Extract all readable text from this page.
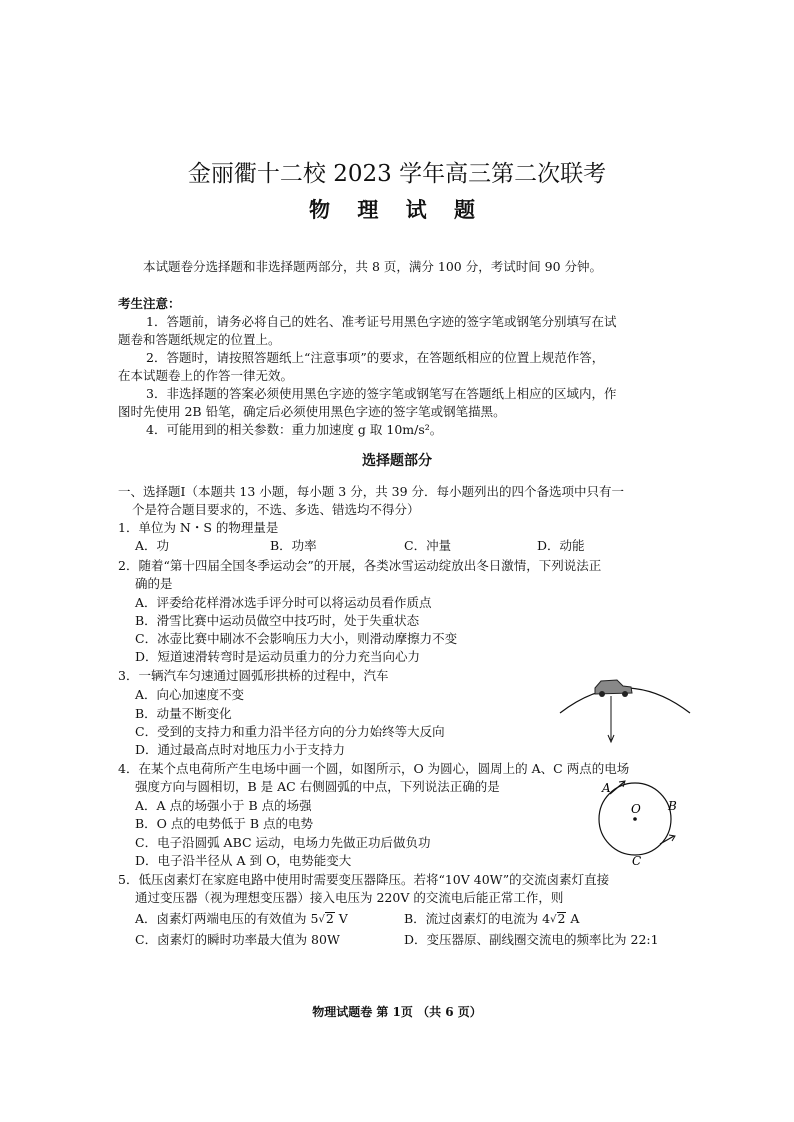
金丽衢十二校 2023 学年高三第二次联考
物 理 试 题
本试题卷分选择题和非选择题两部分，共 8 页，满分 100 分，考试时间 90 分钟。
考生注意：
1．答题前，请务必将自己的姓名、准考证号用黑色字迹的签字笔或钢笔分别填写在试
题卷和答题纸规定的位置上。
2．答题时，请按照答题纸上“注意事项”的要求，在答题纸相应的位置上规范作答，
在本试题卷上的作答一律无效。
3．非选择题的答案必须使用黑色字迹的签字笔或钢笔写在答题纸上相应的区域内，作
图时先使用 2B 铅笔，确定后必须使用黑色字迹的签字笔或钢笔描黑。
4．可能用到的相关参数：重力加速度 g 取 10m/s²。
选择题部分
一、选择题Ⅰ（本题共 13 小题，每小题 3 分，共 39 分．每小题列出的四个备选项中只有一
个是符合题目要求的，不选、多选、错选均不得分）
1．单位为 N・S 的物理量是
A．功	B．功率	C．冲量	D．动能
2．随着“第十四届全国冬季运动会”的开展，各类冰雪运动绽放出冬日激情，下列说法正
确的是
A．评委给花样滑冰选手评分时可以将运动员看作质点
B．滑雪比赛中运动员做空中技巧时，处于失重状态
C．冰壶比赛中刷冰不会影响压力大小，则滑动摩擦力不变
D．短道速滑转弯时是运动员重力的分力充当向心力
3．一辆汽车匀速通过圆弧形拱桥的过程中，汽车
A．向心加速度不变
B．动量不断变化
C．受到的支持力和重力沿半径方向的分力始终等大反向
D．通过最高点时对地压力小于支持力
4．在某个点电荷所产生电场中画一个圆，如图所示，O 为圆心，圆周上的 A、C 两点的电场
强度方向与圆相切，B 是 AC 右侧圆弧的中点，下列说法正确的是
A．A 点的场强小于 B 点的场强
B．O 点的电势低于 B 点的电势
C．电子沿圆弧 ABC 运动，电场力先做正功后做负功
D．电子沿半径从 A 到 O，电势能变大
A
B
C
O
5．低压卤素灯在家庭电路中使用时需要变压器降压。若将“10V 40W”的交流卤素灯直接
通过变压器（视为理想变压器）接入电压为 220V 的交流电后能正常工作，则
A．卤素灯两端电压的有效值为 5√2 V	B．流过卤素灯的电流为 4√2 A
C．卤素灯的瞬时功率最大值为 80W	D．变压器原、副线圈交流电的频率比为 22:1
物理试题卷 第 1页 （共 6 页）
